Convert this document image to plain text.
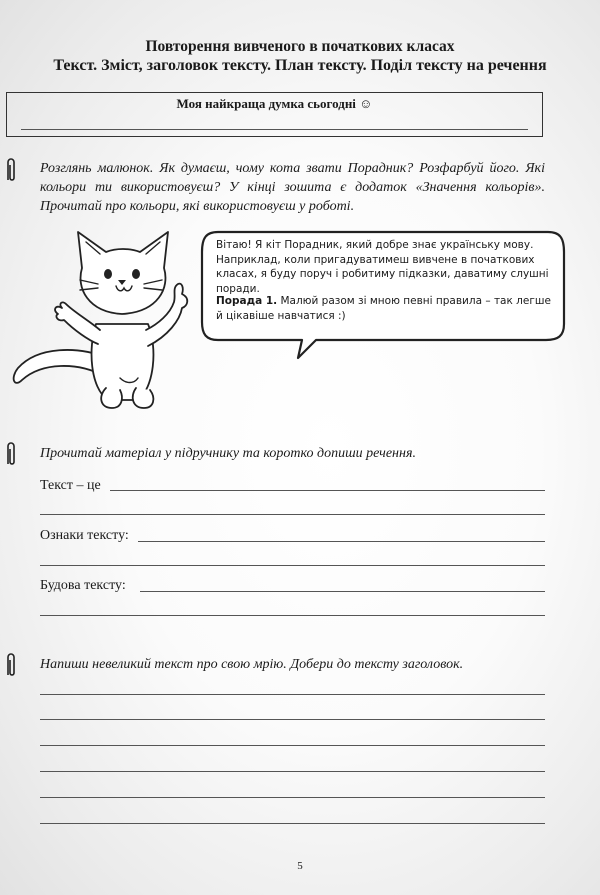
Повторення вивченого в початкових класах
Текст. Зміст, заголовок тексту. План тексту. Поділ тексту на речення
Моя найкраща думка сьогодні ☺
Розглянь малюнок. Як думаєш, чому кота звати Порадник? Розфарбуй його. Які кольори ти використовуєш? У кінці зошита є додаток «Значення кольорів». Прочитай про кольори, які використовуєш у роботі.
Вітаю! Я кіт Порадник, який добре знає українську мову. Наприклад, коли пригадуватимеш вивчене в початкових класах, я буду поруч і робитиму підказки, даватиму слушні поради.
Порада 1. Малюй разом зі мною певні правила – так легше й цікавіше навчатися :)
Прочитай матеріал у підручнику та коротко допиши речення.
Текст – це
Ознаки тексту:
Будова тексту:
Напиши невеликий текст про свою мрію. Добери до тексту заголовок.
5
